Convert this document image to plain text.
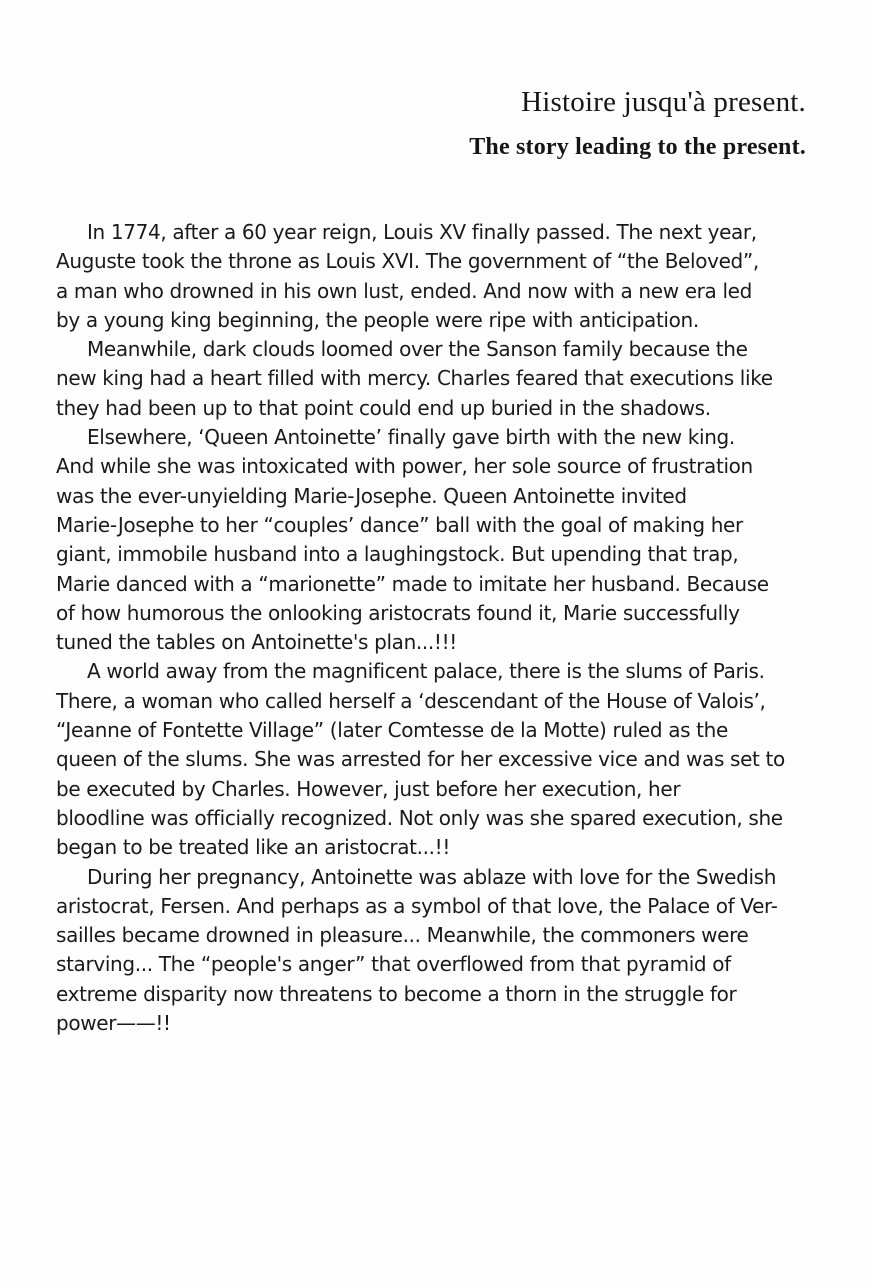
Histoire jusqu'à present.
The story leading to the present.

In 1774, after a 60 year reign, Louis XV finally passed. The next year,
Auguste took the throne as Louis XVI. The government of “the Beloved”,
a man who drowned in his own lust, ended. And now with a new era led
by a young king beginning, the people were ripe with anticipation.

Meanwhile, dark clouds loomed over the Sanson family because the
new king had a heart filled with mercy. Charles feared that executions like
they had been up to that point could end up buried in the shadows.

Elsewhere, ‘Queen Antoinette’ finally gave birth with the new king.
And while she was intoxicated with power, her sole source of frustration
was the ever-unyielding Marie-Josephe. Queen Antoinette invited
Marie-Josephe to her “couples’ dance” ball with the goal of making her
giant, immobile husband into a laughingstock. But upending that trap,
Marie danced with a “marionette” made to imitate her husband. Because
of how humorous the onlooking aristocrats found it, Marie successfully
tuned the tables on Antoinette's plan...!!!

A world away from the magnificent palace, there is the slums of Paris.
There, a woman who called herself a ‘descendant of the House of Valois’,
“Jeanne of Fontette Village” (later Comtesse de la Motte) ruled as the
queen of the slums. She was arrested for her excessive vice and was set to
be executed by Charles. However, just before her execution, her
bloodline was officially recognized. Not only was she spared execution, she
began to be treated like an aristocrat...!!

During her pregnancy, Antoinette was ablaze with love for the Swedish
aristocrat, Fersen. And perhaps as a symbol of that love, the Palace of Ver-
sailles became drowned in pleasure... Meanwhile, the commoners were
starving... The “people's anger” that overflowed from that pyramid of
extreme disparity now threatens to become a thorn in the struggle for
power——!!
